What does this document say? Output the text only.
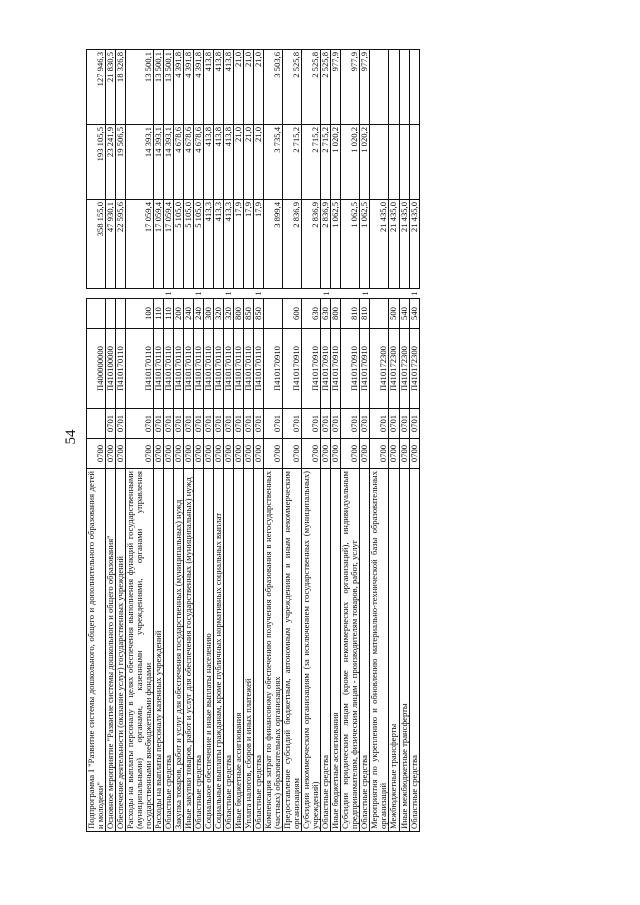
54
Подпрограмма I "Развитие системы дошкольного, общего и дополнительного образования детей и молодежи"	0700		П400000000			358 155,0	193 105,5	127 946,3
Основное мероприятие "Развитие системы дошкольного и общего образования"	0700	0701	П410100000			47 930,1	23 241,9	21 830,5
Обеспечение деятельности (оказание услуг) государственных учреждений	0700	0701	П410170110			22 595,6	19 506,5	18 326,8
Расходы на выплаты персоналу в целях обеспечения выполнения функций государственными (муниципальными) органами, казенными учреждениями, органами управления государственными внебюджетными фондами	0700	0701	П410170110	100		17 059,4	14 393,1	13 500,1
Расходы на выплаты персоналу казенных учреждений	0700	0701	П410170110	110		17 059,4	14 393,1	13 500,1
Областные средства	0700	0701	П410170110	110	1	17 059,4	14 393,1	13 500,1
Закупка товаров, работ и услуг для обеспечения государственных (муниципальных) нужд	0700	0701	П410170110	200		5 105,0	4 678,6	4 391,8
Иные закупки товаров, работ и услуг для обеспечения государственных (муниципальных) нужд	0700	0701	П410170110	240		5 105,0	4 678,6	4 391,8
Областные средства	0700	0701	П410170110	240	1	5 105,0	4 678,6	4 391,8
Социальное обеспечение и иные выплаты населению	0700	0701	П410170110	300		413,3	413,8	413,8
Социальные выплаты гражданам, кроме публичных нормативных социальных выплат	0700	0701	П410170110	320		413,3	413,8	413,8
Областные средства	0700	0701	П410170110	320	1	413,3	413,8	413,8
Иные бюджетные ассигнования	0700	0701	П410170110	800		17,9	21,0	21,0
Уплата налогов, сборов и иных платежей	0700	0701	П410170110	850		17,9	21,0	21,0
Областные средства	0700	0701	П410170110	850	1	17,9	21,0	21,0
Компенсация затрат по финансовому обеспечению получения образования в негосударственных (частных) образовательных организациях	0700	0701	П410170910			3 899,4	3 735,4	3 503,6
Предоставление субсидий бюджетным, автономным учреждениям и иным некоммерческим организациям	0700	0701	П410170910	600		2 836,9	2 715,2	2 525,8
Субсидии некоммерческим организациям (за исключением государственных (муниципальных) учреждений)	0700	0701	П410170910	630		2 836,9	2 715,2	2 525,8
Областные средства	0700	0701	П410170910	630	1	2 836,9	2 715,2	2 525,8
Иные бюджетные ассигнования	0700	0701	П410170910	800		1 062,5	1 020,2	977,9
Субсидии юридическим лицам (кроме некоммерческих организаций), индивидуальным предпринимателям, физическим лицам - производителям товаров, работ, услуг	0700	0701	П410170910	810		1 062,5	1 020,2	977,9
Областные средства	0700	0701	П410170910	810	1	1 062,5	1 020,2	977,9
Мероприятия по укреплению и обновлению материально-технической базы образовательных организаций	0700	0701	П410172300			21 435,0		
Межбюджетные трансферты	0700	0701	П410172300	500		21 435,0		
Иные межбюджетные трансферты	0700	0701	П410172300	540		21 435,0		
Областные средства	0700	0701	П410172300	540	1	21 435,0		
